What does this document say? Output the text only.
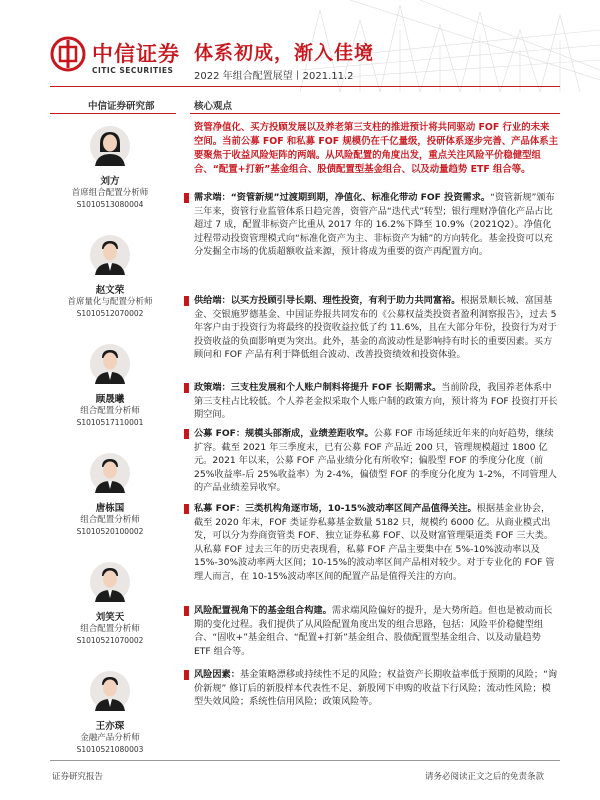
中信证券
CITIC SECURITIES
体系初成，渐入佳境
2022 年组合配置展望丨2021.11.2
中信证券研究部	核心观点
刘方
首席组合配置分析师
S1010513080004
赵文荣
首席量化与配置分析师
S1010512070002
顾晟曦
组合配置分析师
S1010517110001
唐栋国
组合配置分析师
S1010520100002
刘笑天
组合配置分析师
S1010521070002
王亦琛
金融产品分析师
S1010521080003
资管净值化、买方投顾发展以及养老第三支柱的推进预计将共同驱动 FOF 行业的未来空间。当前公募 FOF 和私募 FOF 规模仍在千亿量级，投研体系逐步完善、产品体系主要聚焦于收益风险矩阵的两端。从风险配置的角度出发，重点关注风险平价稳健型组合、“配置+打新”基金组合、股债配置型基金组合、以及动量趋势 ETF 组合等。
需求端：“资管新规”过渡期到期，净值化、标准化带动 FOF 投资需求。“资管新规”颁布三年来，资管行业监管体系日趋完善，资管产品“迭代式”转型；银行理财净值化产品占比超过 7 成，配置非标资产比重从 2017 年的 16.2%下降至 10.9%（2021Q2）。净值化过程带动投资管理模式向“标准化资产为主、非标资产为辅”的方向转化。基金投资可以充分发掘全市场的优质超额收益来源，预计将成为重要的资产再配置方向。
供给端：以买方投顾引导长期、理性投资，有利于助力共同富裕。根据景顺长城、富国基金、交银施罗德基金、中国证券报共同发布的《公募权益类投资者盈利洞察报告》，过去 5 年客户由于投资行为将最终的投资收益拉低了约 11.6%，且在大部分年份，投资行为对于投资收益的负面影响更为突出。此外，基金的高波动性是影响持有时长的重要因素。买方顾问和 FOF 产品有利于降低组合波动、改善投资绩效和投资体验。
政策端：三支柱发展和个人账户制料将提升 FOF 长期需求。当前阶段，我国养老体系中第三支柱占比较低。个人养老金拟采取个人账户制的政策方向，预计将为 FOF 投资打开长期空间。
公募 FOF：规模头部渐成，业绩差距收窄。公募 FOF 市场延续近年来的向好趋势，继续扩容。截至 2021 年三季度末，已有公募 FOF 产品近 200 只，管理规模超过 1800 亿元。2021 年以来，公募 FOF 产品业绩分化有所收窄；偏股型 FOF 的季度分化度（前 25%收益率-后 25%收益率）为 2-4%，偏债型 FOF 的季度分化度为 1-2%，不同管理人的产品业绩差异收窄。
私募 FOF：三类机构角逐市场，10-15%波动率区间产品值得关注。根据基金业协会，截至 2020 年末，FOF 类证券私募基金数量 5182 只，规模约 6000 亿。从商业模式出发，可以分为券商资管类 FOF、独立证券私募 FOF、以及财富管理渠道类 FOF 三大类。从私募 FOF 过去三年的历史表现看，私募 FOF 产品主要集中在 5%-10%波动率以及 15%-30%波动率两大区间；10-15%的波动率区间产品相对较少。对于专业化的 FOF 管理人而言，在 10-15%波动率区间的配置产品是值得关注的方向。
风险配置视角下的基金组合构建。需求端风险偏好的提升，是大势所趋。但也是被动而长期的变化过程。我们提供了从风险配置角度出发的组合思路，包括：风险平价稳健型组合、“固收+”基金组合、“配置+打新”基金组合、股债配置型基金组合、以及动量趋势 ETF 组合等。
风险因素：基金策略漂移或持续性不足的风险；权益资产长期收益率低于预期的风险；“询价新规” 修订后的新股样本代表性不足、新股网下申购的收益下行风险；流动性风险；模型失效风险；系统性信用风险；政策风险等。
证券研究报告	请务必阅读正文之后的免责条款
